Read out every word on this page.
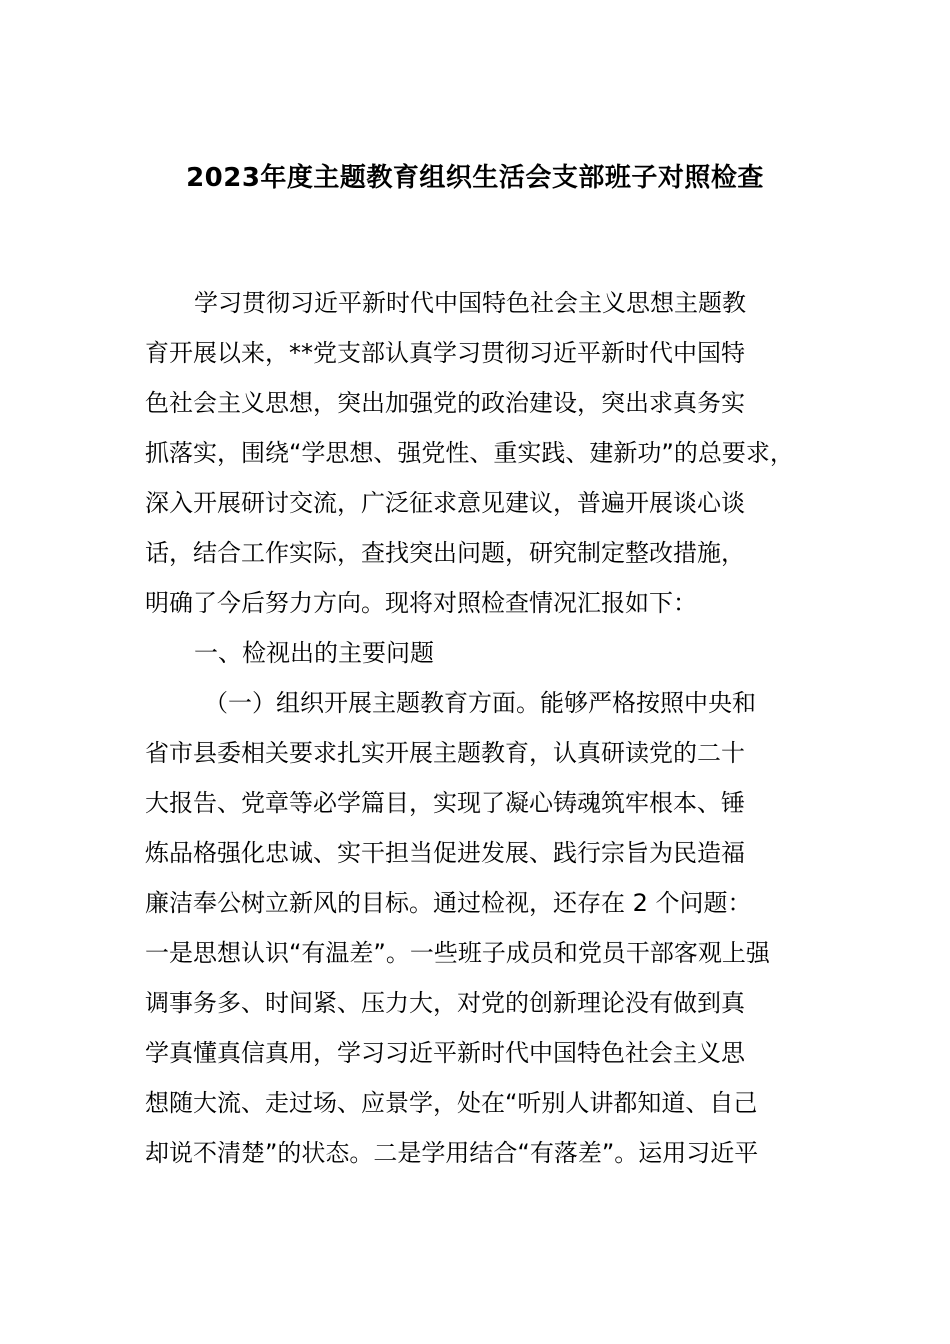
2023年度主题教育组织生活会支部班子对照检查

学习贯彻习近平新时代中国特色社会主义思想主题教

育开展以来，**党支部认真学习贯彻习近平新时代中国特

色社会主义思想，突出加强党的政治建设，突出求真务实

抓落实，围绕“学思想、强党性、重实践、建新功”的总要求，

深入开展研讨交流，广泛征求意见建议，普遍开展谈心谈

话，结合工作实际，查找突出问题，研究制定整改措施，

明确了今后努力方向。现将对照检查情况汇报如下：

一、检视出的主要问题

（一）组织开展主题教育方面。能够严格按照中央和

省市县委相关要求扎实开展主题教育，认真研读党的二十

大报告、党章等必学篇目，实现了凝心铸魂筑牢根本、锤

炼品格强化忠诚、实干担当促进发展、践行宗旨为民造福

廉洁奉公树立新风的目标。通过检视，还存在 2 个问题：

一是思想认识“有温差”。一些班子成员和党员干部客观上强

调事务多、时间紧、压力大，对党的创新理论没有做到真

学真懂真信真用，学习习近平新时代中国特色社会主义思

想随大流、走过场、应景学，处在“听别人讲都知道、自己

却说不清楚”的状态。二是学用结合“有落差”。运用习近平
